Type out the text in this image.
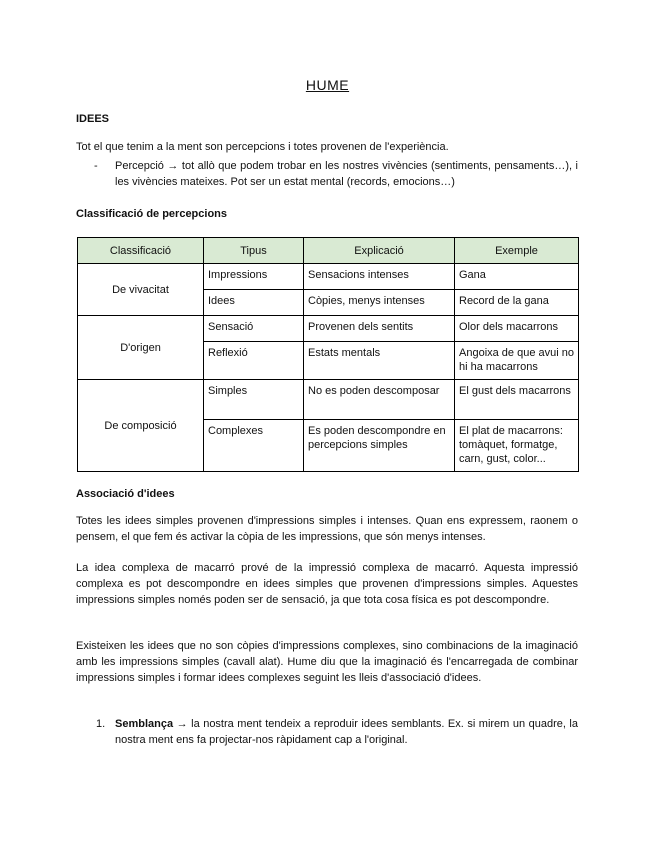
HUME
IDEES
Tot el que tenim a la ment son percepcions i totes provenen de l'experiència.
- Percepció → tot allò que podem trobar en les nostres vivències (sentiments, pensaments…), i les vivències mateixes. Pot ser un estat mental (records, emocions…)
Classificació de percepcions
Classificació	Tipus	Explicació	Exemple
De vivacitat	Impressions	Sensacions intenses	Gana
	Idees	Còpies, menys intenses	Record de la gana
D'origen	Sensació	Provenen dels sentits	Olor dels macarrons
	Reflexió	Estats mentals	Angoixa de que avui no hi ha macarrons
De composició	Simples	No es poden descomposar	El gust dels macarrons
	Complexes	Es poden descompondre en percepcions simples	El plat de macarrons: tomàquet, formatge, carn, gust, color...
Associació d'idees
Totes les idees simples provenen d'impressions simples i intenses. Quan ens expressem, raonem o pensem, el que fem és activar la còpia de les impressions, que són menys intenses.
La idea complexa de macarró prové de la impressió complexa de macarró. Aquesta impressió complexa es pot descompondre en idees simples que provenen d'impressions simples. Aquestes impressions simples només poden ser de sensació, ja que tota cosa física es pot descompondre.
Existeixen les idees que no son còpies d'impressions complexes, sino combinacions de la imaginació amb les impressions simples (cavall alat). Hume diu que la imaginació és l'encarregada de combinar impressions simples i formar idees complexes seguint les lleis d'associació d'idees.
1. Semblança → la nostra ment tendeix a reproduir idees semblants. Ex. si mirem un quadre, la nostra ment ens fa projectar-nos ràpidament cap a l'original.
